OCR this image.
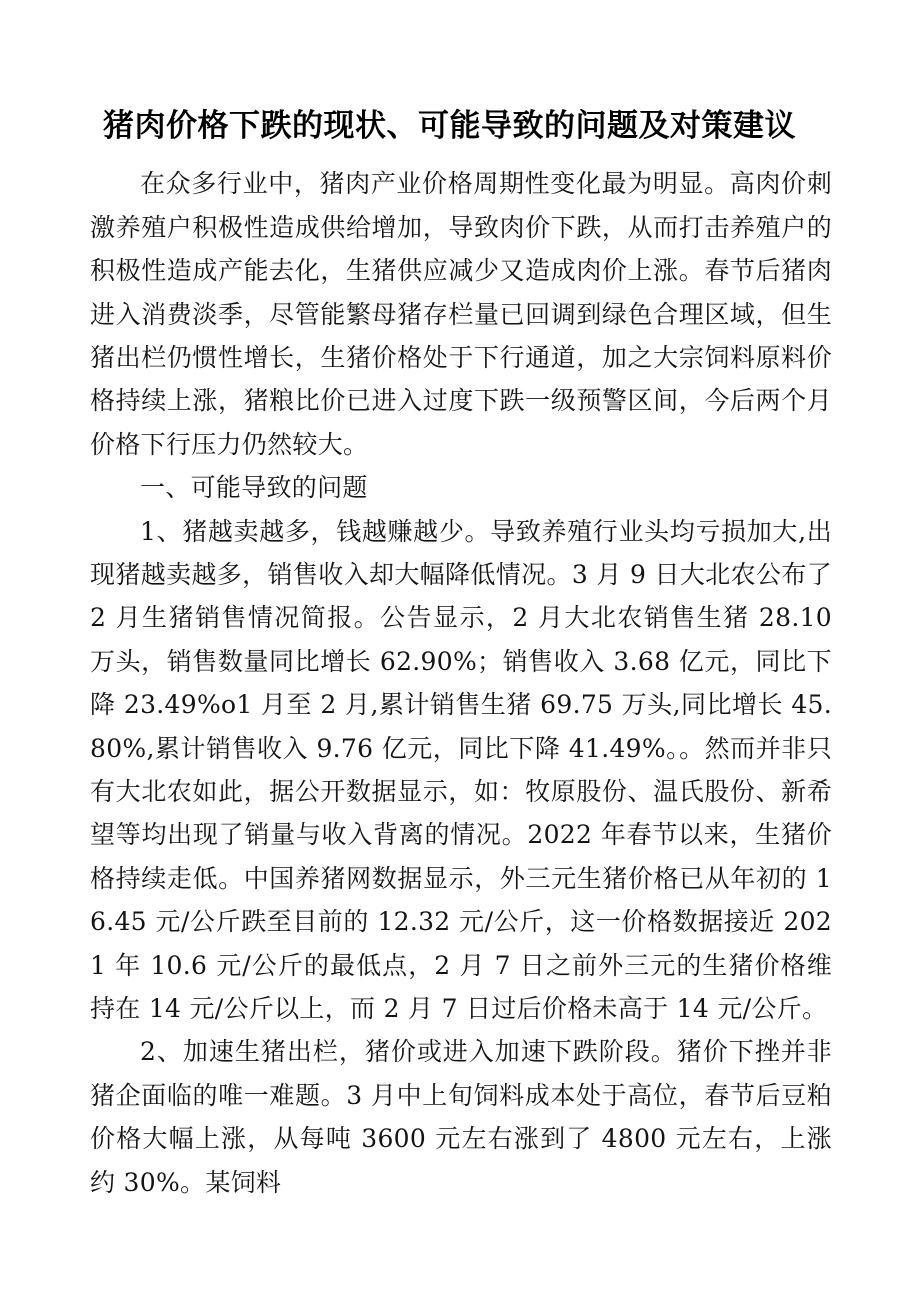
猪肉价格下跌的现状、可能导致的问题及对策建议

在众多行业中，猪肉产业价格周期性变化最为明显。高肉价刺激养殖户积极性造成供给增加，导致肉价下跌，从而打击养殖户的积极性造成产能去化，生猪供应减少又造成肉价上涨。春节后猪肉进入消费淡季，尽管能繁母猪存栏量已回调到绿色合理区域，但生猪出栏仍惯性增长，生猪价格处于下行通道，加之大宗饲料原料价格持续上涨，猪粮比价已进入过度下跌一级预警区间，今后两个月价格下行压力仍然较大。

一、可能导致的问题

1、猪越卖越多，钱越赚越少。导致养殖行业头均亏损加大,出现猪越卖越多，销售收入却大幅降低情况。3 月 9 日大北农公布了 2 月生猪销售情况简报。公告显示，2 月大北农销售生猪 28.10 万头，销售数量同比增长 62.90%；销售收入 3.68 亿元，同比下降 23.49%o1 月至 2 月,累计销售生猪 69.75 万头,同比增长 45.80%,累计销售收入 9.76 亿元，同比下降 41.49%。。然而并非只有大北农如此，据公开数据显示，如：牧原股份、温氏股份、新希望等均出现了销量与收入背离的情况。2022 年春节以来，生猪价格持续走低。中国养猪网数据显示，外三元生猪价格已从年初的 16.45 元/公斤跌至目前的 12.32 元/公斤，这一价格数据接近 2021 年 10.6 元/公斤的最低点，2 月 7 日之前外三元的生猪价格维持在 14 元/公斤以上，而 2 月 7 日过后价格未高于 14 元/公斤。

2、加速生猪出栏，猪价或进入加速下跌阶段。猪价下挫并非猪企面临的唯一难题。3 月中上旬饲料成本处于高位，春节后豆粕价格大幅上涨，从每吨 3600 元左右涨到了 4800 元左右，上涨约 30%。某饲料
